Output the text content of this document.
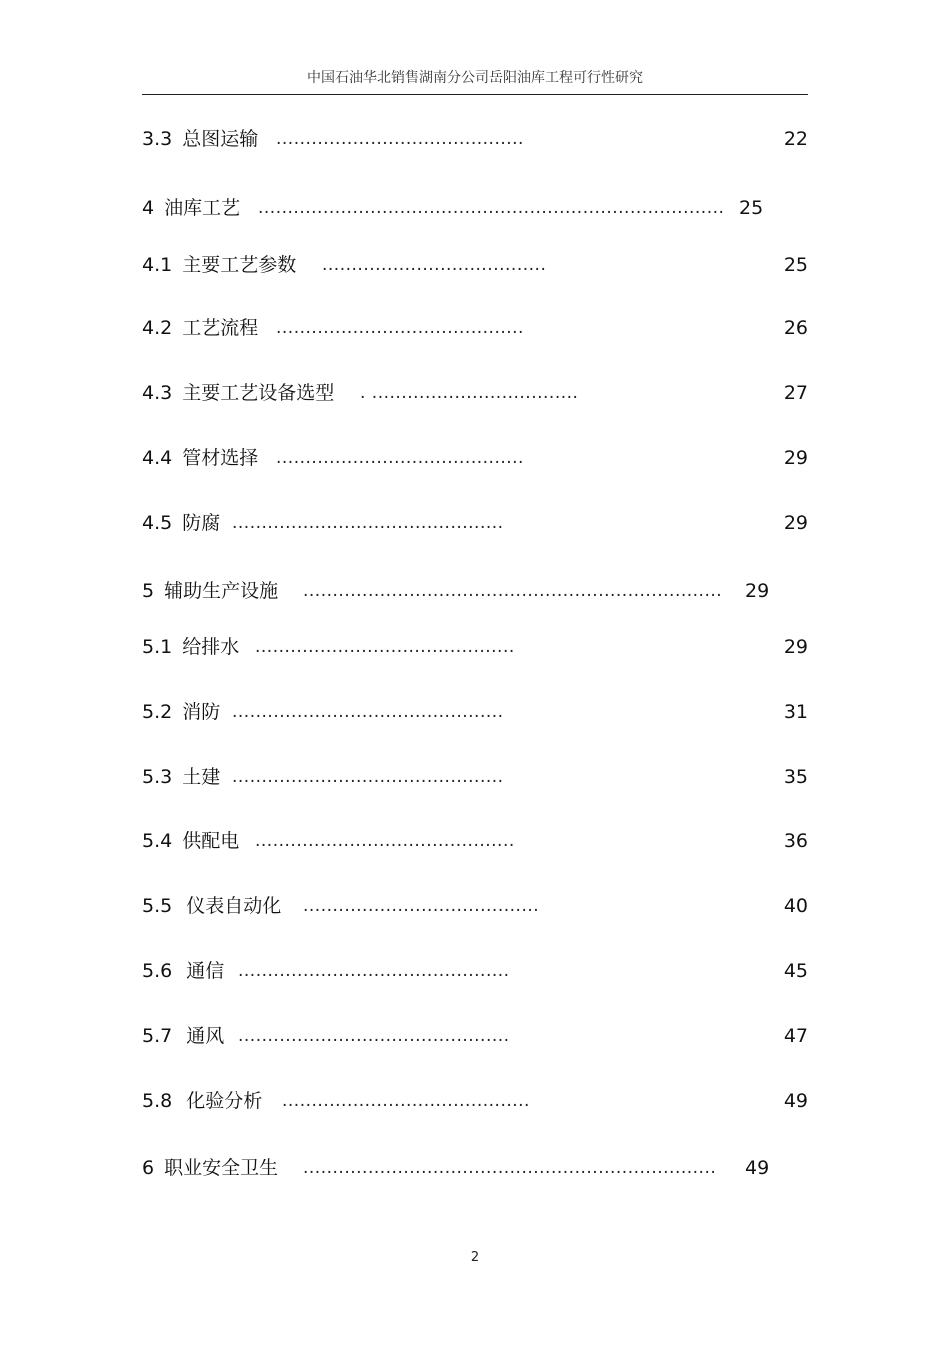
中国石油华北销售湖南分公司岳阳油库工程可行性研究
3.3 总图运输 ..........................................	22
4 油库工艺 ............................................................................... 25
4.1 主要工艺参数 ......................................	25
4.2 工艺流程 ..........................................	26
4.3 主要工艺设备选型 . ...................................	27
4.4 管材选择 ..........................................	29
4.5 防腐 ..............................................	29
5 辅助生产设施 ....................................................................... 29
5.1 给排水 ............................................	29
5.2 消防 ..............................................	31
5.3 土建 ..............................................	35
5.4 供配电 ............................................	36
5.5 仪表自动化 ........................................	40
5.6 通信 ..............................................	45
5.7 通风 ..............................................	47
5.8 化验分析 ..........................................	49
6 职业安全卫生 ...................................................................... 49
2
